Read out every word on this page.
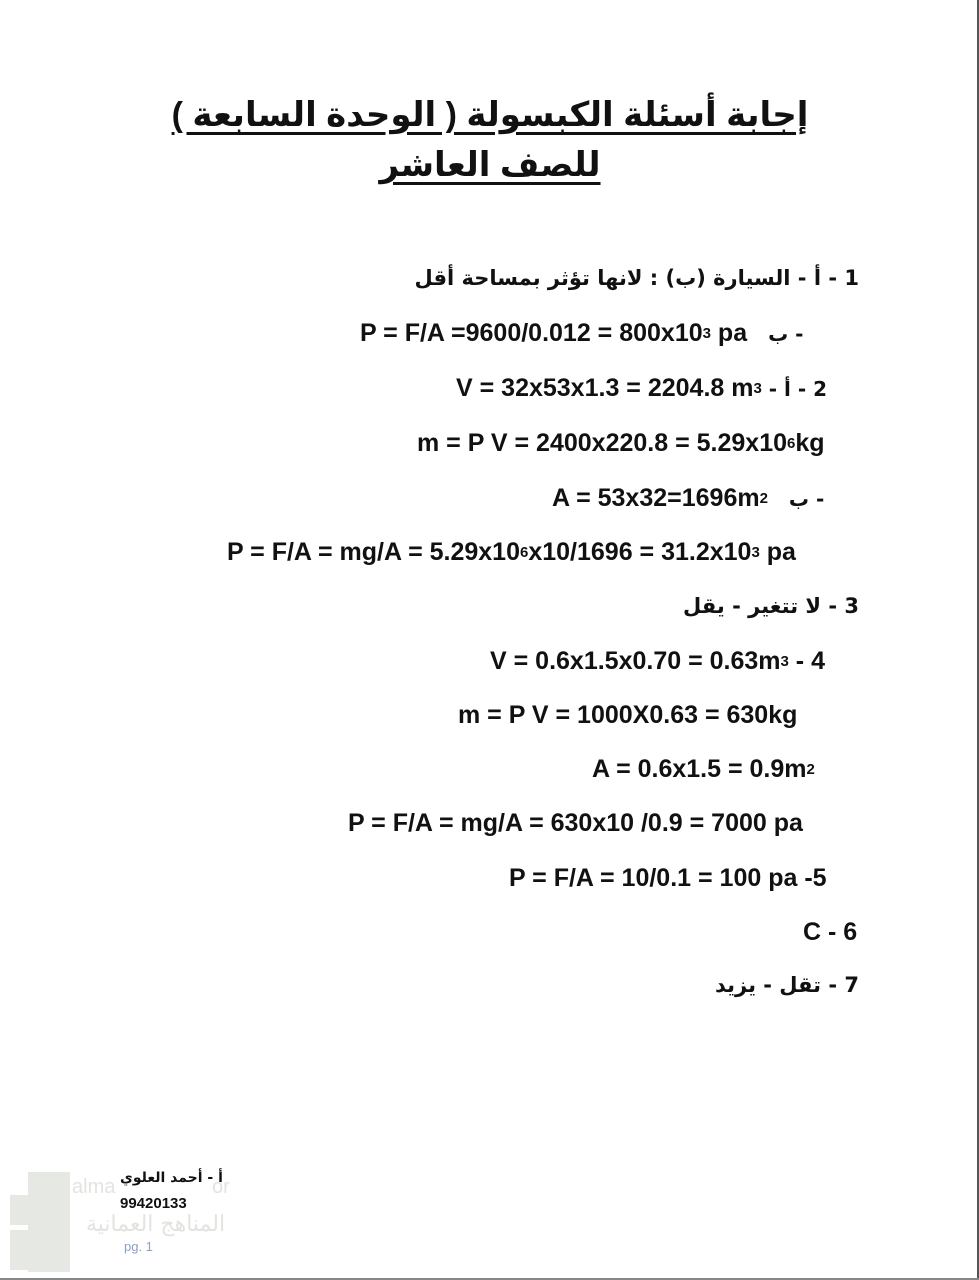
إجابة أسئلة الكبسولة ( الوحدة السابعة ) للصف العاشر
1 - أ - السيارة (ب) : لانها تؤثر بمساحة أقل
$P = F/A =9600/0.012 = 800x10^3$ pa ب -
V = 32x53x1.3 = 2204.8 $m^3$ 2 - أ -
m = P $V = 2400x220.8 = 5.29x10^6kg$
$A = 53x32=1696m^2$ ب -
$P = F/A = mg/A = 5.29x10^6x10/1696 = 31.2x10^3$ pa
3 - لا تتغير - يقل
$V = 0.6x1.5x0.70 = 0.63m^3 - 4$
m = P V = 1000X0.63 = 630kg
$A = 0.6x1.5 = 0.9m^2$
P = F/A = mg/A = 630x10 /0.9 = 7000 pa
P = F/A = 10/0.1 = 100 pa -5
C - 6
7 - تقل - يزيد
alma	or
المناهج العمانية
أ - أحمد العلوي
99420133
pg. 1
